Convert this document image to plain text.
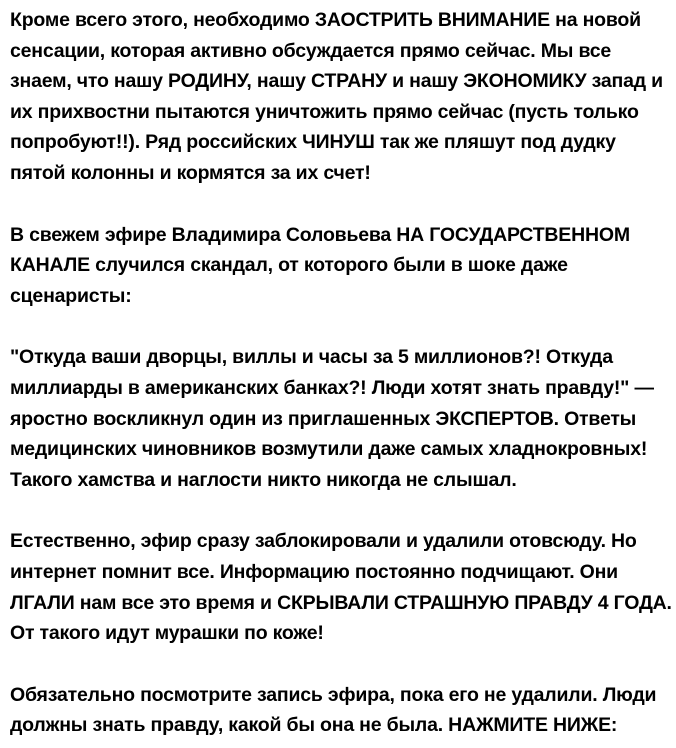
Кроме всего этого, необходимо ЗАОСТРИТЬ ВНИМАНИЕ на новой
сенсации, которая активно обсуждается прямо сейчас. Мы все
знаем, что нашу РОДИНУ, нашу СТРАНУ и нашу ЭКОНОМИКУ запад и
их прихвостни пытаются уничтожить прямо сейчас (пусть только
попробуют!!). Ряд российских ЧИНУШ так же пляшут под дудку
пятой колонны и кормятся за их счет!

В свежем эфире Владимира Соловьева НА ГОСУДАРСТВЕННОМ
КАНАЛЕ случился скандал, от которого были в шоке даже
сценаристы:

"Откуда ваши дворцы, виллы и часы за 5 миллионов?! Откуда
миллиарды в американских банках?! Люди хотят знать правду!" —
яростно воскликнул один из приглашенных ЭКСПЕРТОВ. Ответы
медицинских чиновников возмутили даже самых хладнокровных!
Такого хамства и наглости никто никогда не слышал.

Естественно, эфир сразу заблокировали и удалили отовсюду. Но
интернет помнит все. Информацию постоянно подчищают. Они
ЛГАЛИ нам все это время и СКРЫВАЛИ СТРАШНУЮ ПРАВДУ 4 ГОДА.
От такого идут мурашки по коже!

Обязательно посмотрите запись эфира, пока его не удалили. Люди
должны знать правду, какой бы она не была. НАЖМИТЕ НИЖЕ:
